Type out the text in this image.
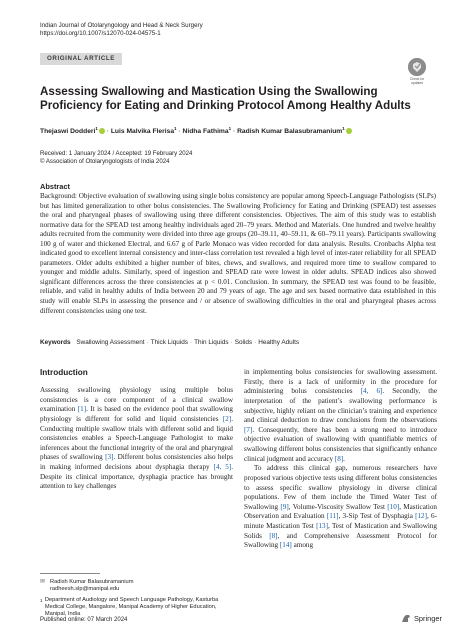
Indian Journal of Otolaryngology and Head & Neck Surgery
https://doi.org/10.1007/s12070-024-04575-1
ORIGINAL ARTICLE
Check for updates
Assessing Swallowing and Mastication Using the Swallowing Proficiency for Eating and Drinking Protocol Among Healthy Adults
Thejaswi Dodderi$^1$ · Luis Malvika Flerisa$^1$ · Nidha Fathima$^1$ · Radish Kumar Balasubramanium$^1$
Received: 1 January 2024 / Accepted: 19 February 2024
© Association of Otolaryngologists of India 2024
Abstract
Background: Objective evaluation of swallowing using single bolus consistency are popular among Speech-Language Pathologists (SLPs) but has limited generalization to other bolus consistencies. The Swallowing Proficiency for Eating and Drinking (SPEAD) test assesses the oral and pharyngeal phases of swallowing using three different consistencies. Objectives. The aim of this study was to establish normative data for the SPEAD test among healthy individuals aged 20–79 years. Method and Materials. One hundred and twelve healthy adults recruited from the community were divided into three age groups (20–39.11, 40–59.11, & 60–79.11 years). Participants swallowing 100 g of water and thickened Electral, and 6.67 g of Parle Monaco was video recorded for data analysis. Results. Cronbachs Alpha test indicated good to excellent internal consistency and inter-class correlation test revealed a high level of inter-rater reliability for all SPEAD parameters. Older adults exhibited a higher number of bites, chews, and swallows, and required more time to swallow compared to younger and middle adults. Similarly, speed of ingestion and SPEAD rate were lowest in older adults. SPEAD indices also showed significant differences across the three consistencies at p < 0.01. Conclusion. In summary, the SPEAD test was found to be feasible, reliable, and valid in healthy adults of India between 20 and 79 years of age. The age and sex based normative data established in this study will enable SLPs in assessing the presence and / or absence of swallowing difficulties in the oral and pharyngeal phases across different consistencies using one test.
Keywords Swallowing Assessment · Thick Liquids · Thin Liquids · Solids · Healthy Adults
Introduction

Assessing swallowing physiology using multiple bolus consistencies is a core component of a clinical swallow examination [1]. It is based on the evidence pool that swallowing physiology is different for solid and liquid consistencies [2]. Conducting multiple swallow trials with different solid and liquid consistencies enables a Speech-Language Pathologist to make inferences about the functional integrity of the oral and pharyngeal phases of swallowing [3]. Different bolus consistencies also helps in making informed decisions about dysphagia therapy [4, 5]. Despite its clinical importance, dysphagia practice has brought attention to key challenges

in implementing bolus consistencies for swallowing assessment. Firstly, there is a lack of uniformity in the procedure for administering bolus consistencies [4, 6]. Secondly, the interpretation of the patient’s swallowing performance is subjective, highly reliant on the clinician’s training and experience and clinical deduction to draw conclusions from the observations [7]. Consequently, there has been a strong need to introduce objective evaluation of swallowing with quantifiable metrics of swallowing different bolus consistencies that significantly enhance clinical judgment and accuracy [8].

To address this clinical gap, numerous researchers have proposed various objective tests using different bolus consistencies to assess specific swallow physiology in diverse clinical populations. Few of them include the Timed Water Test of Swallowing [9], Volume-Viscosity Swallow Test [10], Mastication Observation and Evaluation [11], 3-Sip Test of Dysphagia [12], 6-minute Mastication Test [13], Test of Mastication and Swallowing Solids [8], and Comprehensive Assessment Protocol for Swallowing [14] among

✉ Radish Kumar Balasubramanium
radheesh.slp@manipal.edu
1 Department of Audiology and Speech Language Pathology, Kasturba Medical College, Mangalore, Manipal Academy of Higher Education, Manipal, India
Published online: 07 March 2024	Springer
